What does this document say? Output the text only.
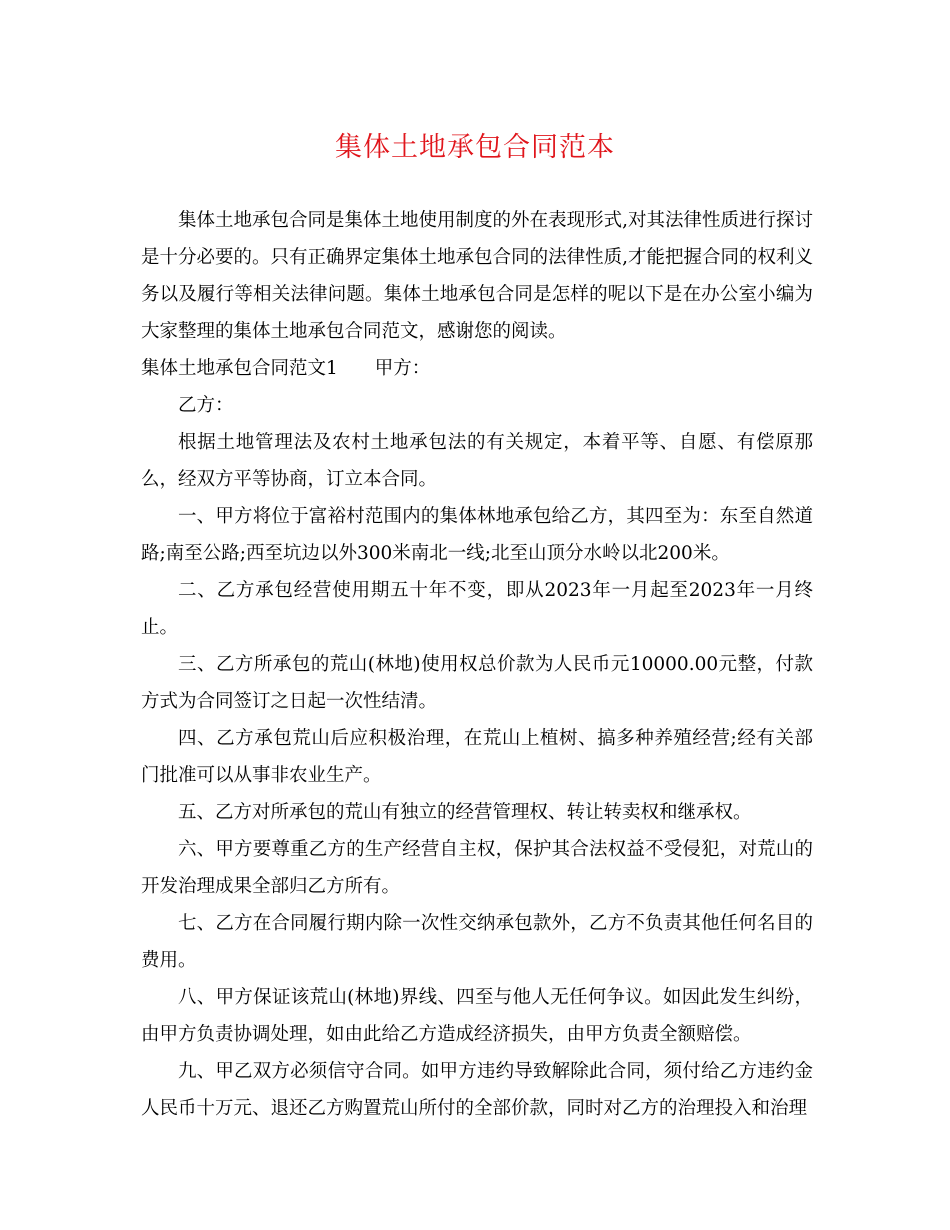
集体土地承包合同范本

集体土地承包合同是集体土地使用制度的外在表现形式,对其法律性质进行探讨是十分必要的。只有正确界定集体土地承包合同的法律性质,才能把握合同的权利义务以及履行等相关法律问题。集体土地承包合同是怎样的呢以下是在办公室小编为大家整理的集体土地承包合同范文，感谢您的阅读。

集体土地承包合同范文1 甲方：

乙方：

根据土地管理法及农村土地承包法的有关规定，本着平等、自愿、有偿原那么，经双方平等协商，订立本合同。

一、甲方将位于富裕村范围内的集体林地承包给乙方，其四至为：东至自然道路;南至公路;西至坑边以外300米南北一线;北至山顶分水岭以北200米。

二、乙方承包经营使用期五十年不变，即从2023年一月起至2023年一月终止。

三、乙方所承包的荒山(林地)使用权总价款为人民币元10000.00元整，付款方式为合同签订之日起一次性结清。

四、乙方承包荒山后应积极治理，在荒山上植树、搞多种养殖经营;经有关部门批准可以从事非农业生产。

五、乙方对所承包的荒山有独立的经营管理权、转让转卖权和继承权。

六、甲方要尊重乙方的生产经营自主权，保护其合法权益不受侵犯，对荒山的开发治理成果全部归乙方所有。

七、乙方在合同履行期内除一次性交纳承包款外，乙方不负责其他任何名目的费用。

八、甲方保证该荒山(林地)界线、四至与他人无任何争议。如因此发生纠纷，由甲方负责协调处理，如由此给乙方造成经济损失，由甲方负责全额赔偿。

九、甲乙双方必须信守合同。如甲方违约导致解除此合同，须付给乙方违约金人民币十万元、退还乙方购置荒山所付的全部价款，同时对乙方的治理投入和治理
